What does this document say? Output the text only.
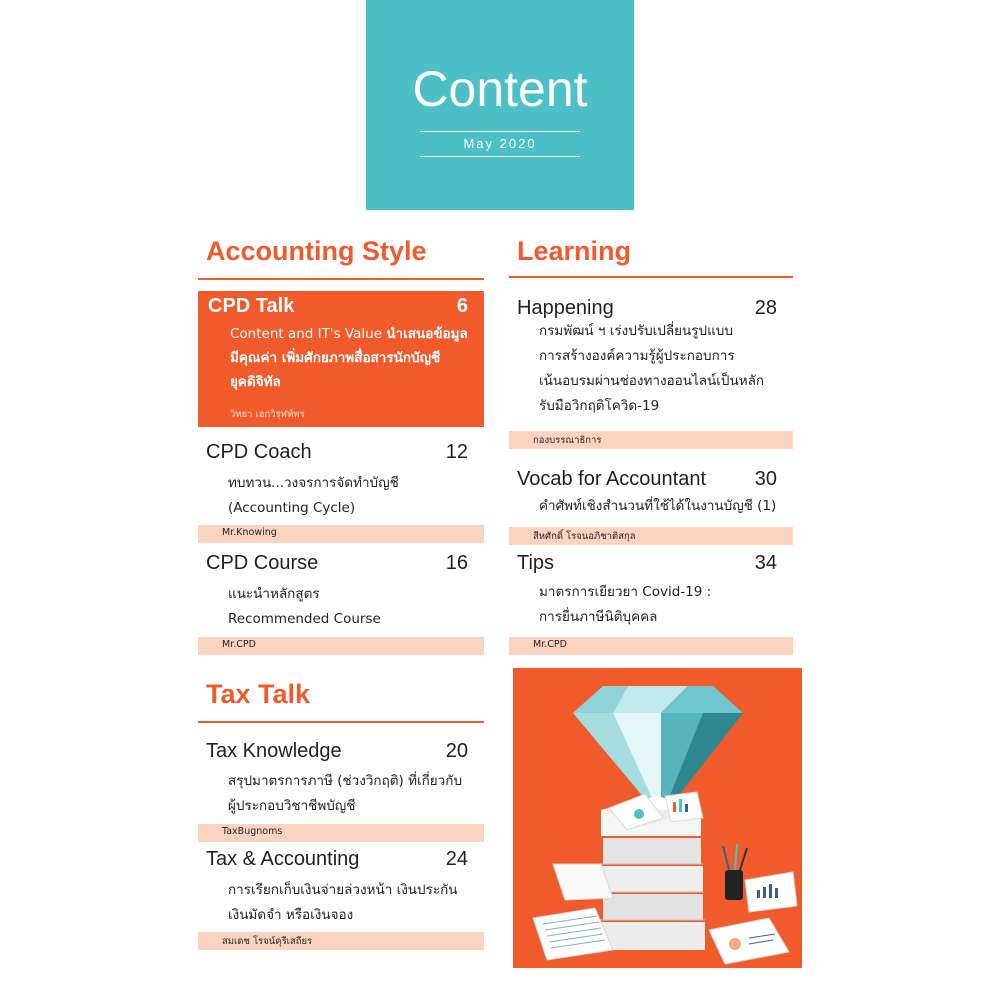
Content
May 2020
Accounting Style
CPD Talk	6
Content and IT's Value นำเสนอข้อมูล
มีคุณค่า เพิ่มศักยภาพสื่อสารนักบัญชี
ยุคดิจิทัล
วิทยา เอกวิรุฬห์พร
CPD Coach	12
ทบทวน...วงจรการจัดทำบัญชี
(Accounting Cycle)
Mr.Knowing
CPD Course	16
แนะนำหลักสูตร
Recommended Course
Mr.CPD
Tax Talk
Tax Knowledge	20
สรุปมาตรการภาษี (ช่วงวิกฤติ) ที่เกี่ยวกับ
ผู้ประกอบวิชาชีพบัญชี
TaxBugnoms
Tax & Accounting	24
การเรียกเก็บเงินจ่ายล่วงหน้า เงินประกัน
เงินมัดจำ หรือเงินจอง
สมเดช โรจน์คุรีเสถียร
Learning
Happening	28
กรมพัฒน์ ฯ เร่งปรับเปลี่ยนรูปแบบ
การสร้างองค์ความรู้ผู้ประกอบการ
เน้นอบรมผ่านช่องทางออนไลน์เป็นหลัก
รับมือวิกฤติโควิด-19
กองบรรณาธิการ
Vocab for Accountant 30
คำศัพท์เชิงสำนวนที่ใช้ได้ในงานบัญชี (1)
สีหศักดิ์ โรจนอภิชาติสกุล
Tips	34
มาตรการเยียวยา Covid-19 :
การยื่นภาษีนิติบุคคล
Mr.CPD
